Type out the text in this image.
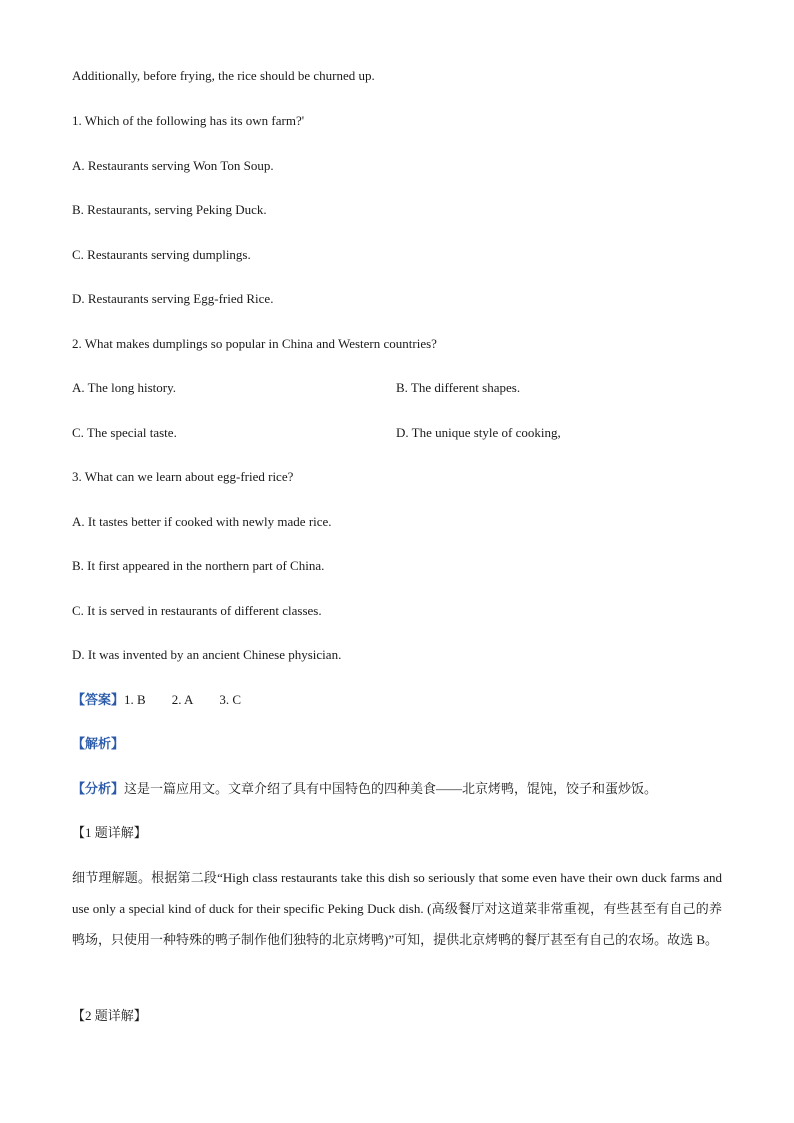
Additionally, before frying, the rice should be churned up.
1. Which of the following has its own farm?'
A. Restaurants serving Won Ton Soup.
B. Restaurants, serving Peking Duck.
C. Restaurants serving dumplings.
D. Restaurants serving Egg-fried Rice.
2. What makes dumplings so popular in China and Western countries?
A. The long history.	B. The different shapes.
C. The special taste.	D. The unique style of cooking,
3. What can we learn about egg-fried rice?
A. It tastes better if cooked with newly made rice.
B. It first appeared in the northern part of China.
C. It is served in restaurants of different classes.
D. It was invented by an ancient Chinese physician.
【答案】1. B 2. A 3. C
【解析】
【分析】这是一篇应用文。文章介绍了具有中国特色的四种美食——北京烤鸭，馄饨，饺子和蛋炒饭。
【1 题详解】
细节理解题。根据第二段“High class restaurants take this dish so seriously that some even have their own duck farms and use only a special kind of duck for their specific Peking Duck dish. (高级餐厅对这道菜非常重视，有些甚至有自己的养鸭场，只使用一种特殊的鸭子制作他们独特的北京烤鸭)”可知，提供北京烤鸭的餐厅甚至有自己的农场。故选 B。
【2 题详解】
